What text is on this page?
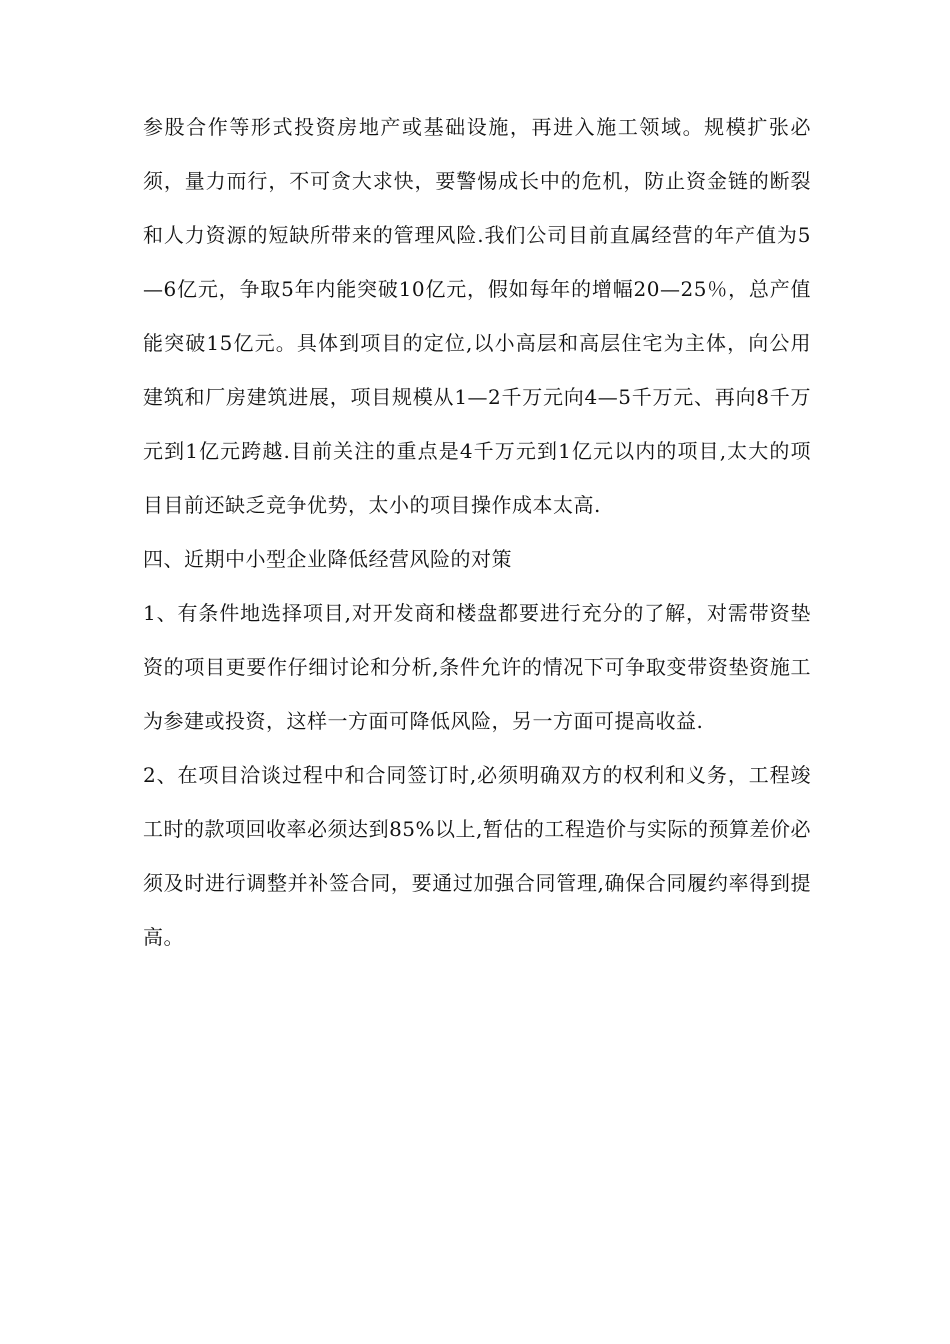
参股合作等形式投资房地产或基础设施，再进入施工领域。规模扩张必须，量力而行，不可贪大求快，要警惕成长中的危机，防止资金链的断裂和人力资源的短缺所带来的管理风险.我们公司目前直属经营的年产值为5—6亿元，争取5年内能突破10亿元，假如每年的增幅20—25％，总产值能突破15亿元。具体到项目的定位,以小高层和高层住宅为主体，向公用建筑和厂房建筑进展，项目规模从1—2千万元向4—5千万元、再向8千万元到1亿元跨越.目前关注的重点是4千万元到1亿元以内的项目,太大的项目目前还缺乏竞争优势，太小的项目操作成本太高.

四、近期中小型企业降低经营风险的对策

1、有条件地选择项目,对开发商和楼盘都要进行充分的了解，对需带资垫资的项目更要作仔细讨论和分析,条件允许的情况下可争取变带资垫资施工为参建或投资，这样一方面可降低风险，另一方面可提高收益.

2、在项目洽谈过程中和合同签订时,必须明确双方的权利和义务，工程竣工时的款项回收率必须达到85%以上,暂估的工程造价与实际的预算差价必须及时进行调整并补签合同，要通过加强合同管理,确保合同履约率得到提高。
